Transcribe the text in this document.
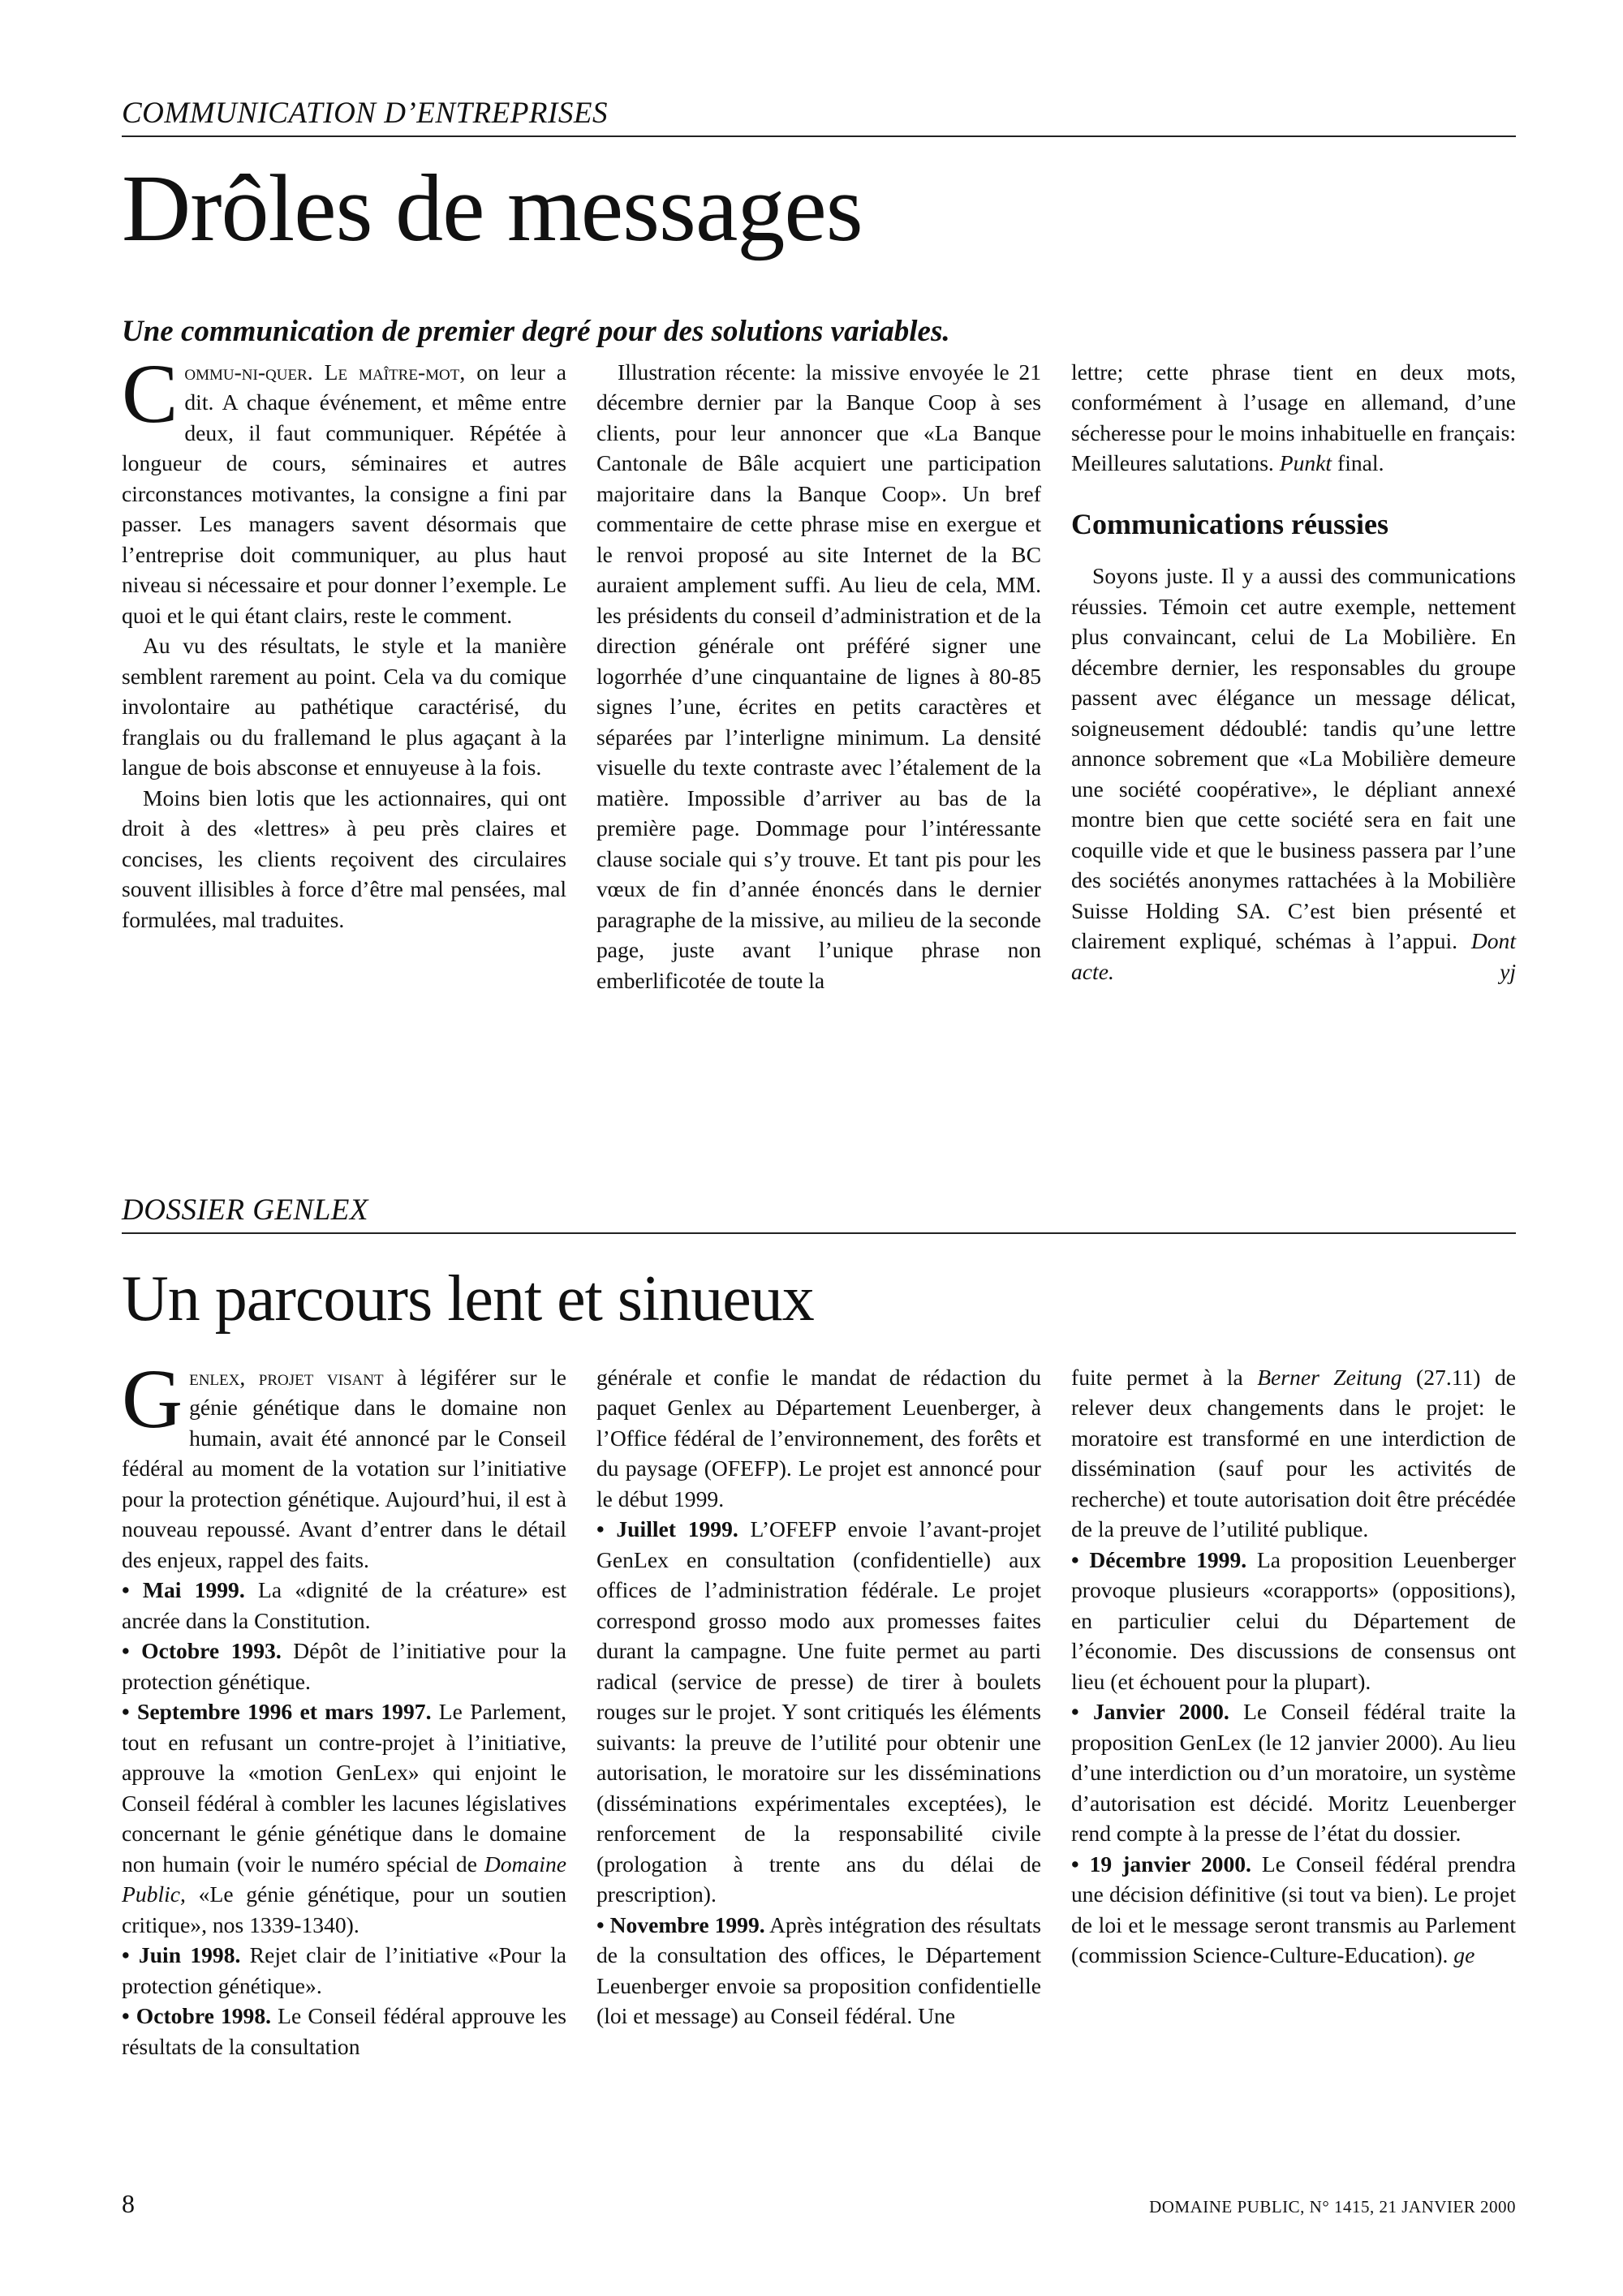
COMMUNICATION D’ENTREPRISES
Drôles de messages
Une communication de premier degré pour des solutions variables.

Commu-ni-quer. Le maître-mot, on leur a dit. A chaque événement, et même entre deux, il faut communiquer. Répétée à longueur de cours, séminaires et autres circonstances motivantes, la consigne a fini par passer. Les managers savent désormais que l’entreprise doit communiquer, au plus haut niveau si nécessaire et pour donner l’exemple. Le quoi et le qui étant clairs, reste le comment.

Au vu des résultats, le style et la manière semblent rarement au point. Cela va du comique involontaire au pathétique caractérisé, du franglais ou du frallemand le plus agaçant à la langue de bois absconse et ennuyeuse à la fois.

Moins bien lotis que les actionnaires, qui ont droit à des «lettres» à peu près claires et concises, les clients reçoivent des circulaires souvent illisibles à force d’être mal pensées, mal formulées, mal traduites.

Illustration récente: la missive envoyée le 21 décembre dernier par la Banque Coop à ses clients, pour leur annoncer que «La Banque Cantonale de Bâle acquiert une participation majoritaire dans la Banque Coop». Un bref commentaire de cette phrase mise en exergue et le renvoi proposé au site Internet de la BC auraient amplement suffi. Au lieu de cela, MM. les présidents du conseil d’administration et de la direction générale ont préféré signer une logorrhée d’une cinquantaine de lignes à 80-85 signes l’une, écrites en petits caractères et séparées par l’interligne minimum. La densité visuelle du texte contraste avec l’étalement de la matière. Impossible d’arriver au bas de la première page. Dommage pour l’intéressante clause sociale qui s’y trouve. Et tant pis pour les vœux de fin d’année énoncés dans le dernier paragraphe de la missive, au milieu de la seconde page, juste avant l’unique phrase non emberlificotée de toute la

lettre; cette phrase tient en deux mots, conformément à l’usage en allemand, d’une sécheresse pour le moins inhabituelle en français: Meilleures salutations. Punkt final.

Communications réussies

Soyons juste. Il y a aussi des communications réussies. Témoin cet autre exemple, nettement plus convaincant, celui de La Mobilière. En décembre dernier, les responsables du groupe passent avec élégance un message délicat, soigneusement dédoublé: tandis qu’une lettre annonce sobrement que «La Mobilière demeure une société coopérative», le dépliant annexé montre bien que cette société sera en fait une coquille vide et que le business passera par l’une des sociétés anonymes rattachées à la Mobilière Suisse Holding SA. C’est bien présenté et clairement expliqué, schémas à l’appui. Dont acte.	yj

DOSSIER GENLEX
Un parcours lent et sinueux

Genlex, projet visant à légiférer sur le génie génétique dans le domaine non humain, avait été annoncé par le Conseil fédéral au moment de la votation sur l’initiative pour la protection génétique. Aujourd’hui, il est à nouveau repoussé. Avant d’entrer dans le détail des enjeux, rappel des faits.

• Mai 1999. La «dignité de la créature» est ancrée dans la Constitution.

• Octobre 1993. Dépôt de l’initiative pour la protection génétique.

• Septembre 1996 et mars 1997. Le Parlement, tout en refusant un contre-projet à l’initiative, approuve la «motion GenLex» qui enjoint le Conseil fédéral à combler les lacunes législatives concernant le génie génétique dans le domaine non humain (voir le numéro spécial de Domaine Public, «Le génie génétique, pour un soutien critique», nos 1339-1340).

• Juin 1998. Rejet clair de l’initiative «Pour la protection génétique».

• Octobre 1998. Le Conseil fédéral approuve les résultats de la consultation

générale et confie le mandat de rédaction du paquet Genlex au Département Leuenberger, à l’Office fédéral de l’environnement, des forêts et du paysage (OFEFP). Le projet est annoncé pour le début 1999.

• Juillet 1999. L’OFEFP envoie l’avant-projet GenLex en consultation (confidentielle) aux offices de l’administration fédérale. Le projet correspond grosso modo aux promesses faites durant la campagne. Une fuite permet au parti radical (service de presse) de tirer à boulets rouges sur le projet. Y sont critiqués les éléments suivants: la preuve de l’utilité pour obtenir une autorisation, le moratoire sur les disséminations (disséminations expérimentales exceptées), le renforcement de la responsabilité civile (prologation à trente ans du délai de prescription).

• Novembre 1999. Après intégration des résultats de la consultation des offices, le Département Leuenberger envoie sa proposition confidentielle (loi et message) au Conseil fédéral. Une

fuite permet à la Berner Zeitung (27.11) de relever deux changements dans le projet: le moratoire est transformé en une interdiction de dissémination (sauf pour les activités de recherche) et toute autorisation doit être précédée de la preuve de l’utilité publique.

• Décembre 1999. La proposition Leuenberger provoque plusieurs «corapports» (oppositions), en particulier celui du Département de l’économie. Des discussions de consensus ont lieu (et échouent pour la plupart).

• Janvier 2000. Le Conseil fédéral traite la proposition GenLex (le 12 janvier 2000). Au lieu d’une interdiction ou d’un moratoire, un système d’autorisation est décidé. Moritz Leuenberger rend compte à la presse de l’état du dossier.

• 19 janvier 2000. Le Conseil fédéral prendra une décision définitive (si tout va bien). Le projet de loi et le message seront transmis au Parlement (commission Science-Culture-Education). ge

8	DOMAINE PUBLIC, N° 1415, 21 JANVIER 2000
